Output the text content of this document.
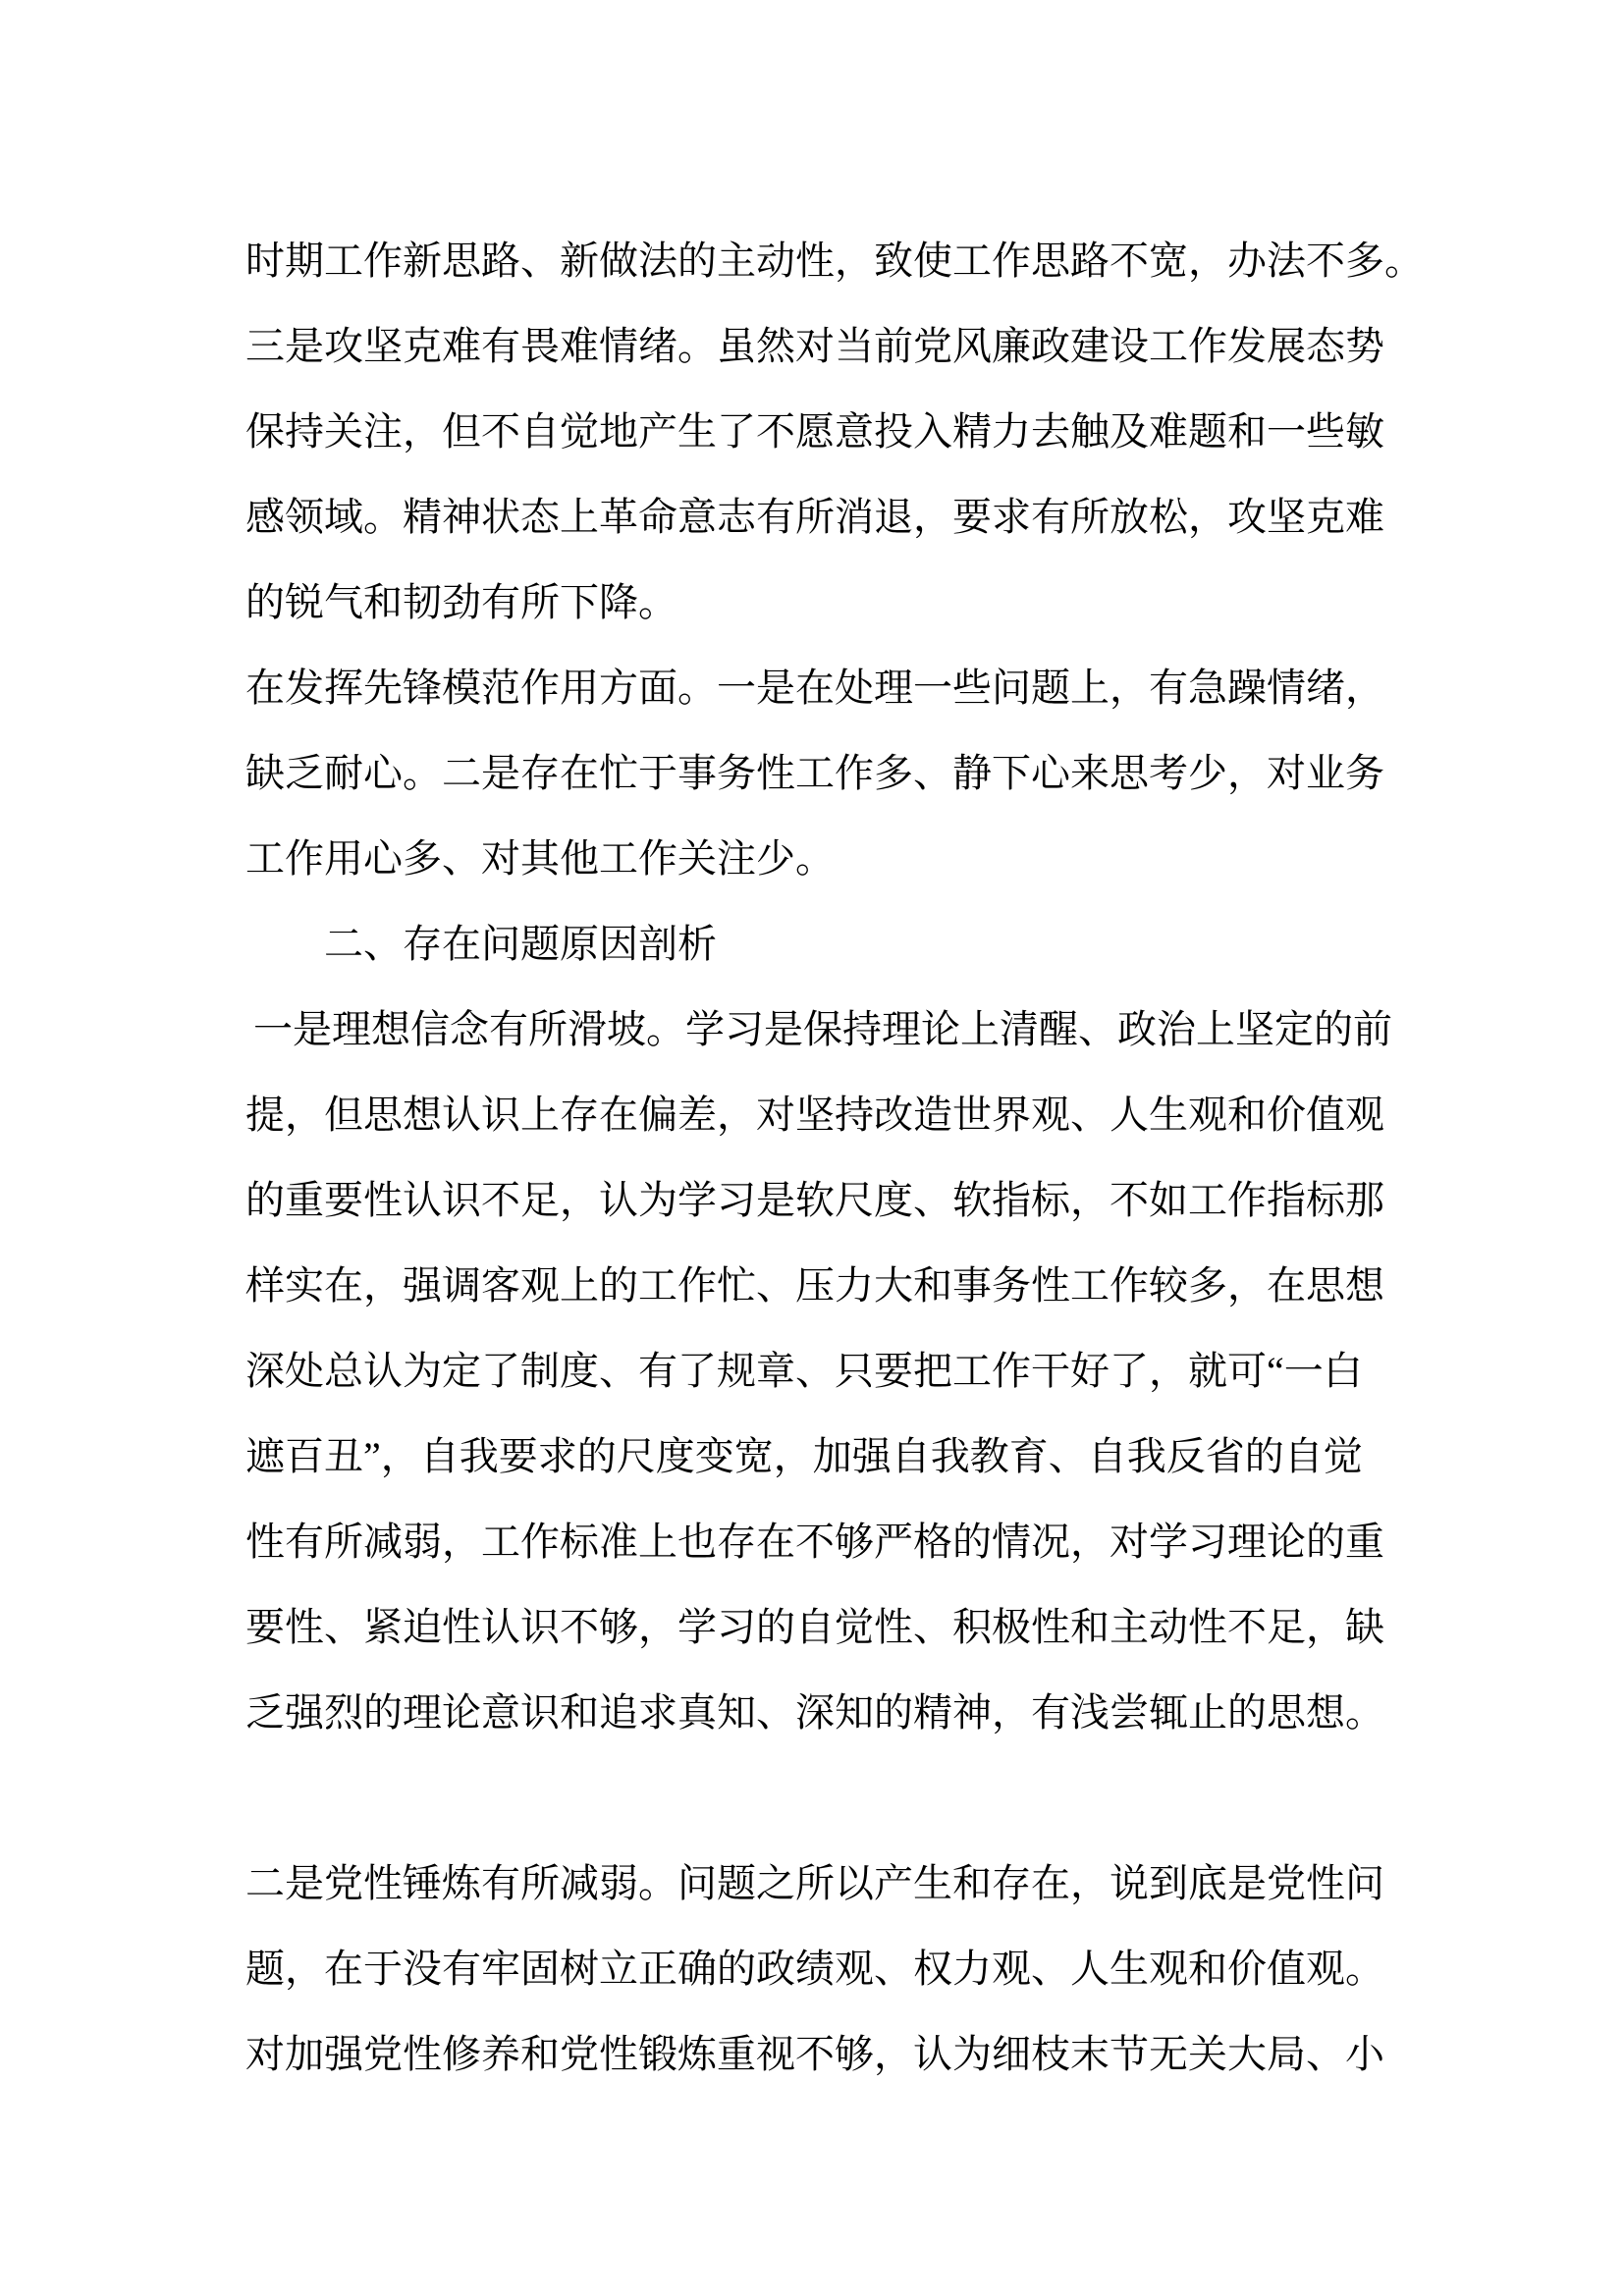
时期工作新思路、新做法的主动性，致使工作思路不宽，办法不多。
三是攻坚克难有畏难情绪。虽然对当前党风廉政建设工作发展态势
保持关注，但不自觉地产生了不愿意投入精力去触及难题和一些敏
感领域。精神状态上革命意志有所消退，要求有所放松，攻坚克难
的锐气和韧劲有所下降。
在发挥先锋模范作用方面。一是在处理一些问题上，有急躁情绪，
缺乏耐心。二是存在忙于事务性工作多、静下心来思考少，对业务
工作用心多、对其他工作关注少。
二、存在问题原因剖析
一是理想信念有所滑坡。学习是保持理论上清醒、政治上坚定的前
提，但思想认识上存在偏差，对坚持改造世界观、人生观和价值观
的重要性认识不足，认为学习是软尺度、软指标，不如工作指标那
样实在，强调客观上的工作忙、压力大和事务性工作较多，在思想
深处总认为定了制度、有了规章、只要把工作干好了，就可“一白
遮百丑”，自我要求的尺度变宽，加强自我教育、自我反省的自觉
性有所减弱，工作标准上也存在不够严格的情况，对学习理论的重
要性、紧迫性认识不够，学习的自觉性、积极性和主动性不足，缺
乏强烈的理论意识和追求真知、深知的精神，有浅尝辄止的思想。
二是党性锤炼有所减弱。问题之所以产生和存在，说到底是党性问
题，在于没有牢固树立正确的政绩观、权力观、人生观和价值观。
对加强党性修养和党性锻炼重视不够，认为细枝末节无关大局、小
